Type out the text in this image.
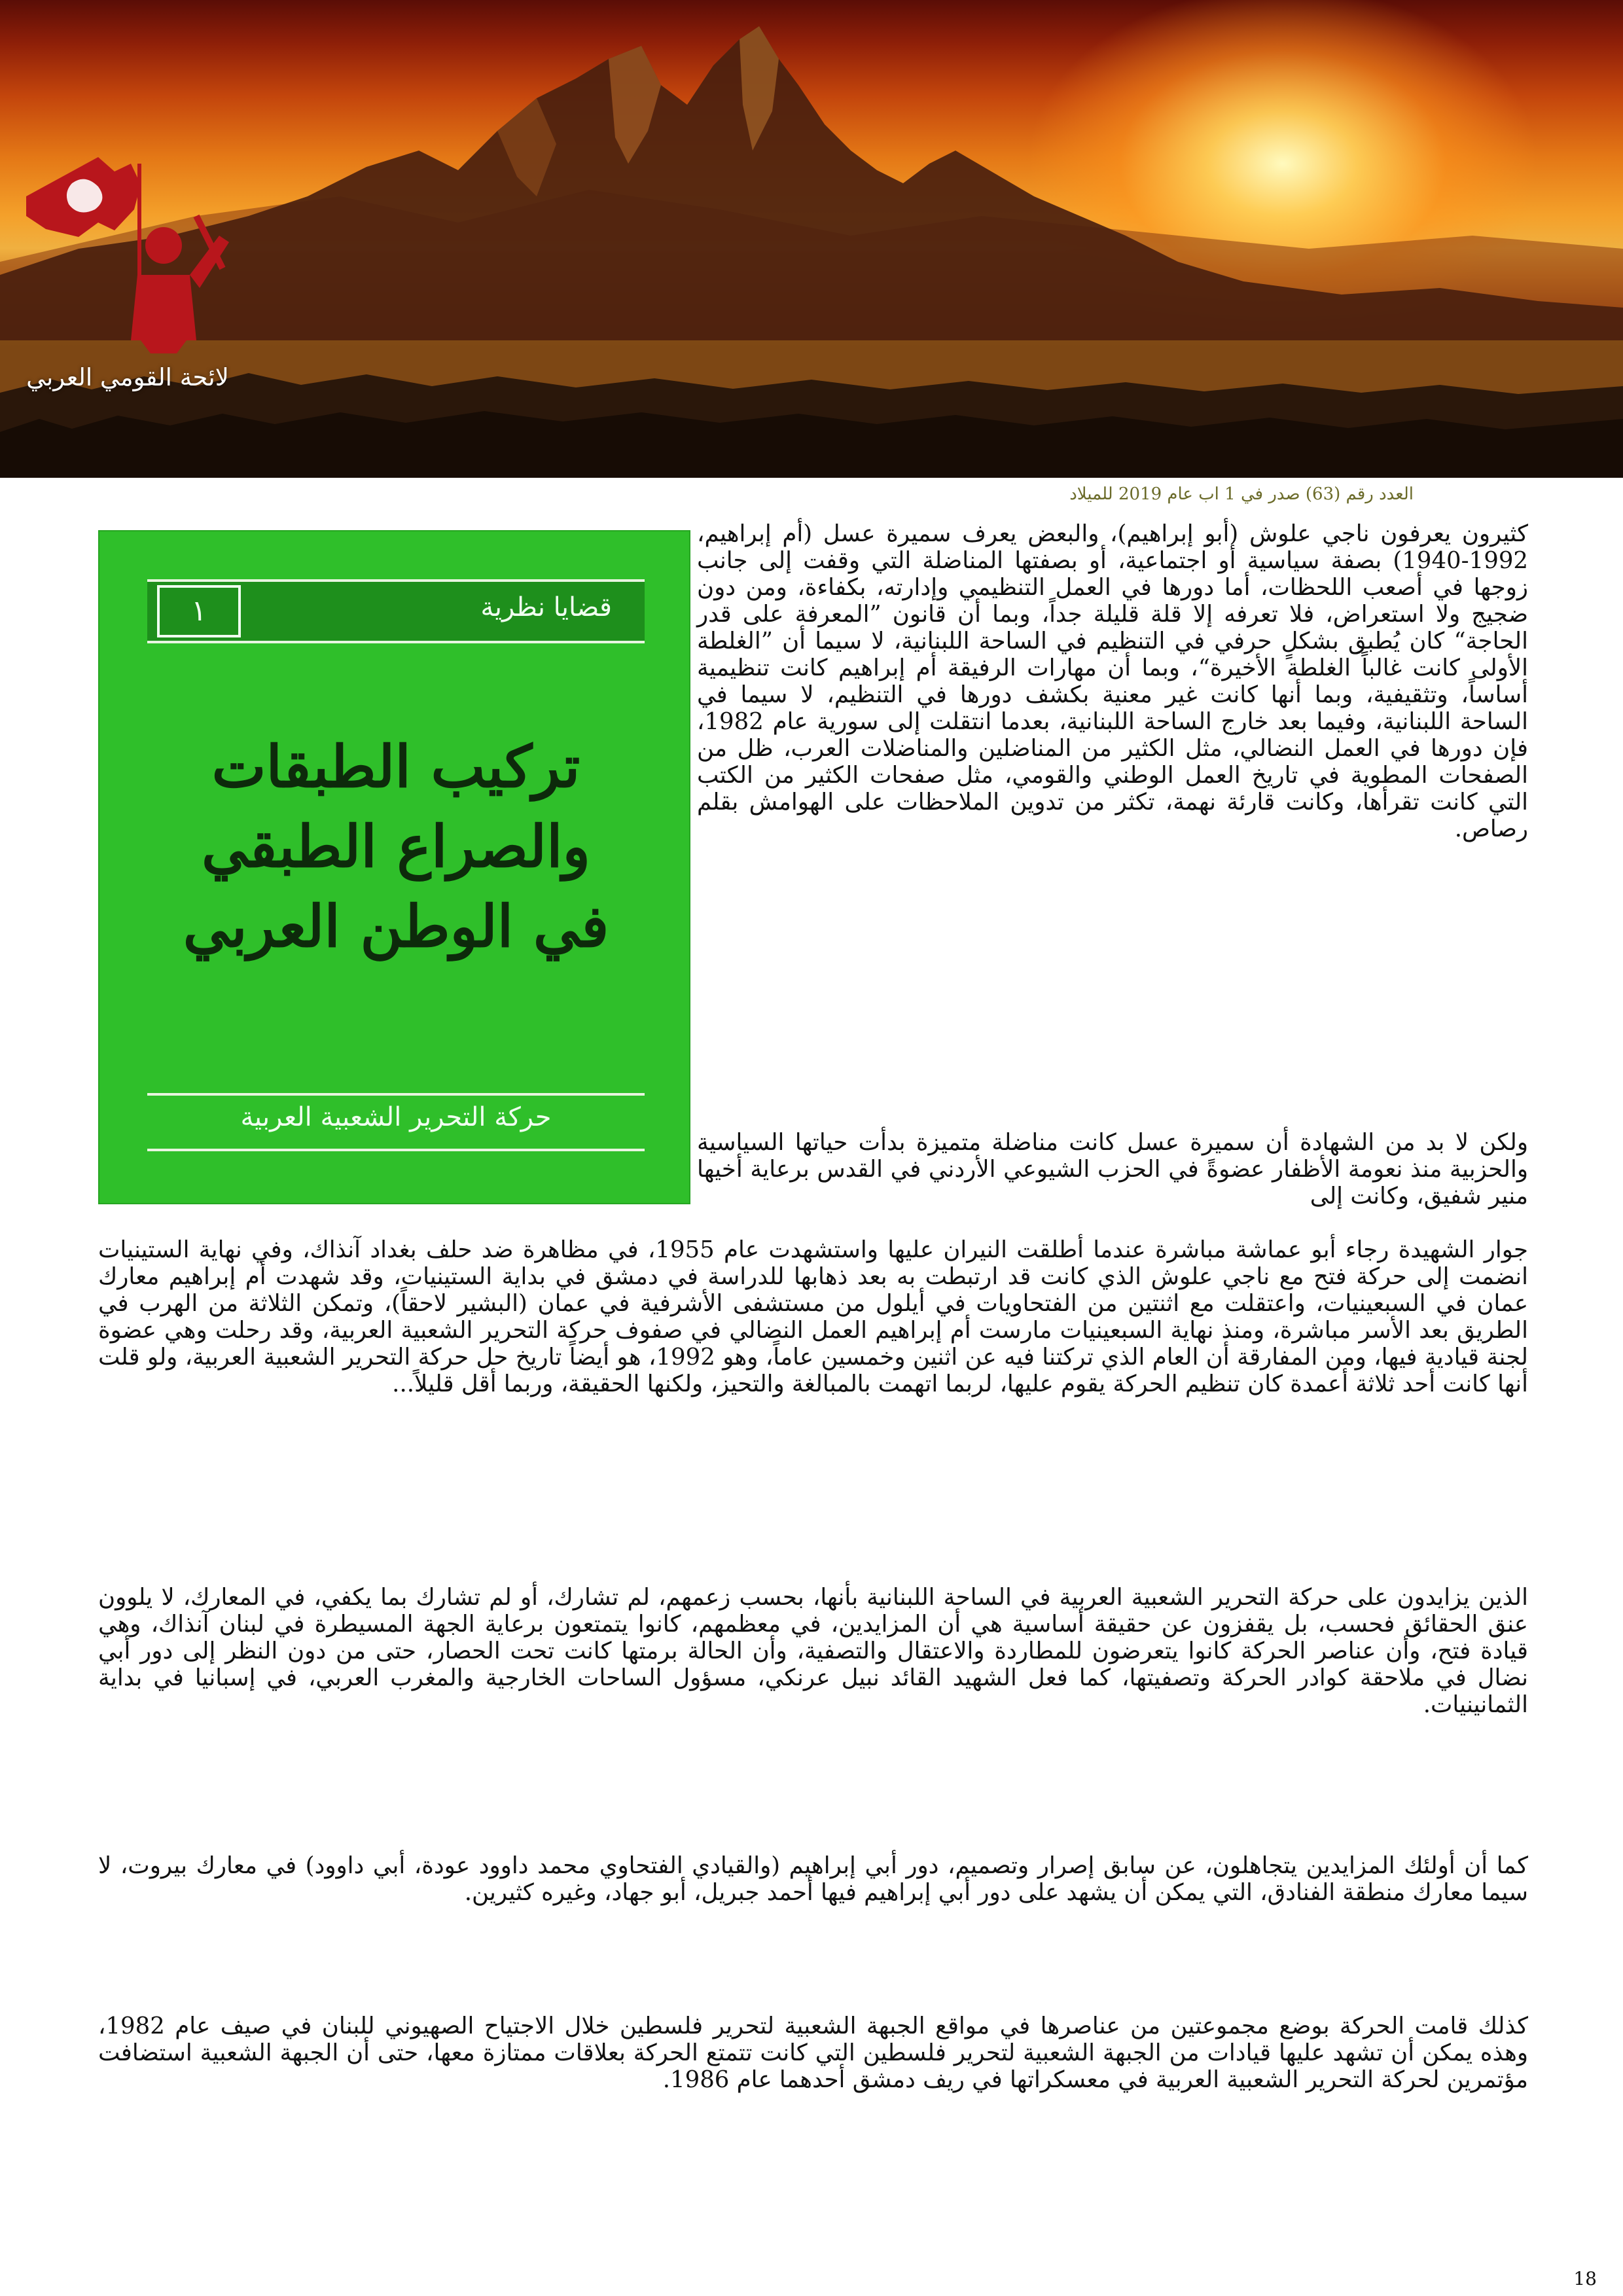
لائحة القومي العربي
العدد رقم (63) صدر في 1 اب عام 2019 للميلاد
قضايا نظرية
١
تركيب الطبقات
والصراع الطبقي
في الوطن العربي
حركة التحرير الشعبية العربية
كثيرون يعرفون ناجي علوش (أبو إبراهيم)، والبعض يعرف سميرة عسل (أم إبراهيم، 1992-1940) بصفة سياسية أو اجتماعية، أو بصفتها المناضلة التي وقفت إلى جانب زوجها في أصعب اللحظات، أما دورها في العمل التنظيمي وإدارته، بكفاءة، ومن دون ضجيج ولا استعراض، فلا تعرفه إلا قلة قليلة جداً، وبما أن قانون ”المعرفة على قدر الحاجة“ كان يُطبق بشكلٍ حرفي في التنظيم في الساحة اللبنانية، لا سيما أن ”الغلطة الأولى كانت غالباً الغلطة الأخيرة“، وبما أن مهارات الرفيقة أم إبراهيم كانت تنظيمية أساساً، وتثقيفية، وبما أنها كانت غير معنية بكشف دورها في التنظيم، لا سيما في الساحة اللبنانية، وفيما بعد خارج الساحة اللبنانية، بعدما انتقلت إلى سورية عام 1982، فإن دورها في العمل النضالي، مثل الكثير من المناضلين والمناضلات العرب، ظل من الصفحات المطوية في تاريخ العمل الوطني والقومي، مثل صفحات الكثير من الكتب التي كانت تقرأها، وكانت قارئة نهمة، تكثر من تدوين الملاحظات على الهوامش بقلم رصاص.
ولكن لا بد من الشهادة أن سميرة عسل كانت مناضلة متميزة بدأت حياتها السياسية والحزبية منذ نعومة الأظفار عضوةً في الحزب الشيوعي الأردني في القدس برعاية أخيها منير شفيق، وكانت إلى
جوار الشهيدة رجاء أبو عماشة مباشرة عندما أطلقت النيران عليها واستشهدت عام 1955، في مظاهرة ضد حلف بغداد آنذاك، وفي نهاية الستينيات انضمت إلى حركة فتح مع ناجي علوش الذي كانت قد ارتبطت به بعد ذهابها للدراسة في دمشق في بداية الستينيات، وقد شهدت أم إبراهيم معارك عمان في السبعينيات، واعتقلت مع اثنتين من الفتحاويات في أيلول من مستشفى الأشرفية في عمان (البشير لاحقاً)، وتمكن الثلاثة من الهرب في الطريق بعد الأسر مباشرة، ومنذ نهاية السبعينيات مارست أم إبراهيم العمل النضالي في صفوف حركة التحرير الشعبية العربية، وقد رحلت وهي عضوة لجنة قيادية فيها، ومن المفارقة أن العام الذي تركتنا فيه عن اثنين وخمسين عاماً، وهو 1992، هو أيضاً تاريخ حل حركة التحرير الشعبية العربية، ولو قلت أنها كانت أحد ثلاثة أعمدة كان تنظيم الحركة يقوم عليها، لربما اتهمت بالمبالغة والتحيز، ولكنها الحقيقة، وربما أقل قليلاً...
الذين يزايدون على حركة التحرير الشعبية العربية في الساحة اللبنانية بأنها، بحسب زعمهم، لم تشارك، أو لم تشارك بما يكفي، في المعارك، لا يلوون عنق الحقائق فحسب، بل يقفزون عن حقيقة أساسية هي أن المزايدين، في معظمهم، كانوا يتمتعون برعاية الجهة المسيطرة في لبنان آنذاك، وهي قيادة فتح، وأن عناصر الحركة كانوا يتعرضون للمطاردة والاعتقال والتصفية، وأن الحالة برمتها كانت تحت الحصار، حتى من دون النظر إلى دور أبي نضال في ملاحقة كوادر الحركة وتصفيتها، كما فعل الشهيد القائد نبيل عرنكي، مسؤول الساحات الخارجية والمغرب العربي، في إسبانيا في بداية الثمانينيات.
كما أن أولئك المزايدين يتجاهلون، عن سابق إصرار وتصميم، دور أبي إبراهيم (والقيادي الفتحاوي محمد داوود عودة، أبي داوود) في معارك بيروت، لا سيما معارك منطقة الفنادق، التي يمكن أن يشهد على دور أبي إبراهيم فيها أحمد جبريل، أبو جهاد، وغيره كثيرين.
كذلك قامت الحركة بوضع مجموعتين من عناصرها في مواقع الجبهة الشعبية لتحرير فلسطين خلال الاجتياح الصهيوني للبنان في صيف عام 1982، وهذه يمكن أن تشهد عليها قيادات من الجبهة الشعبية لتحرير فلسطين التي كانت تتمتع الحركة بعلاقات ممتازة معها، حتى أن الجبهة الشعبية استضافت مؤتمرين لحركة التحرير الشعبية العربية في معسكراتها في ريف دمشق أحدهما عام 1986.
18
